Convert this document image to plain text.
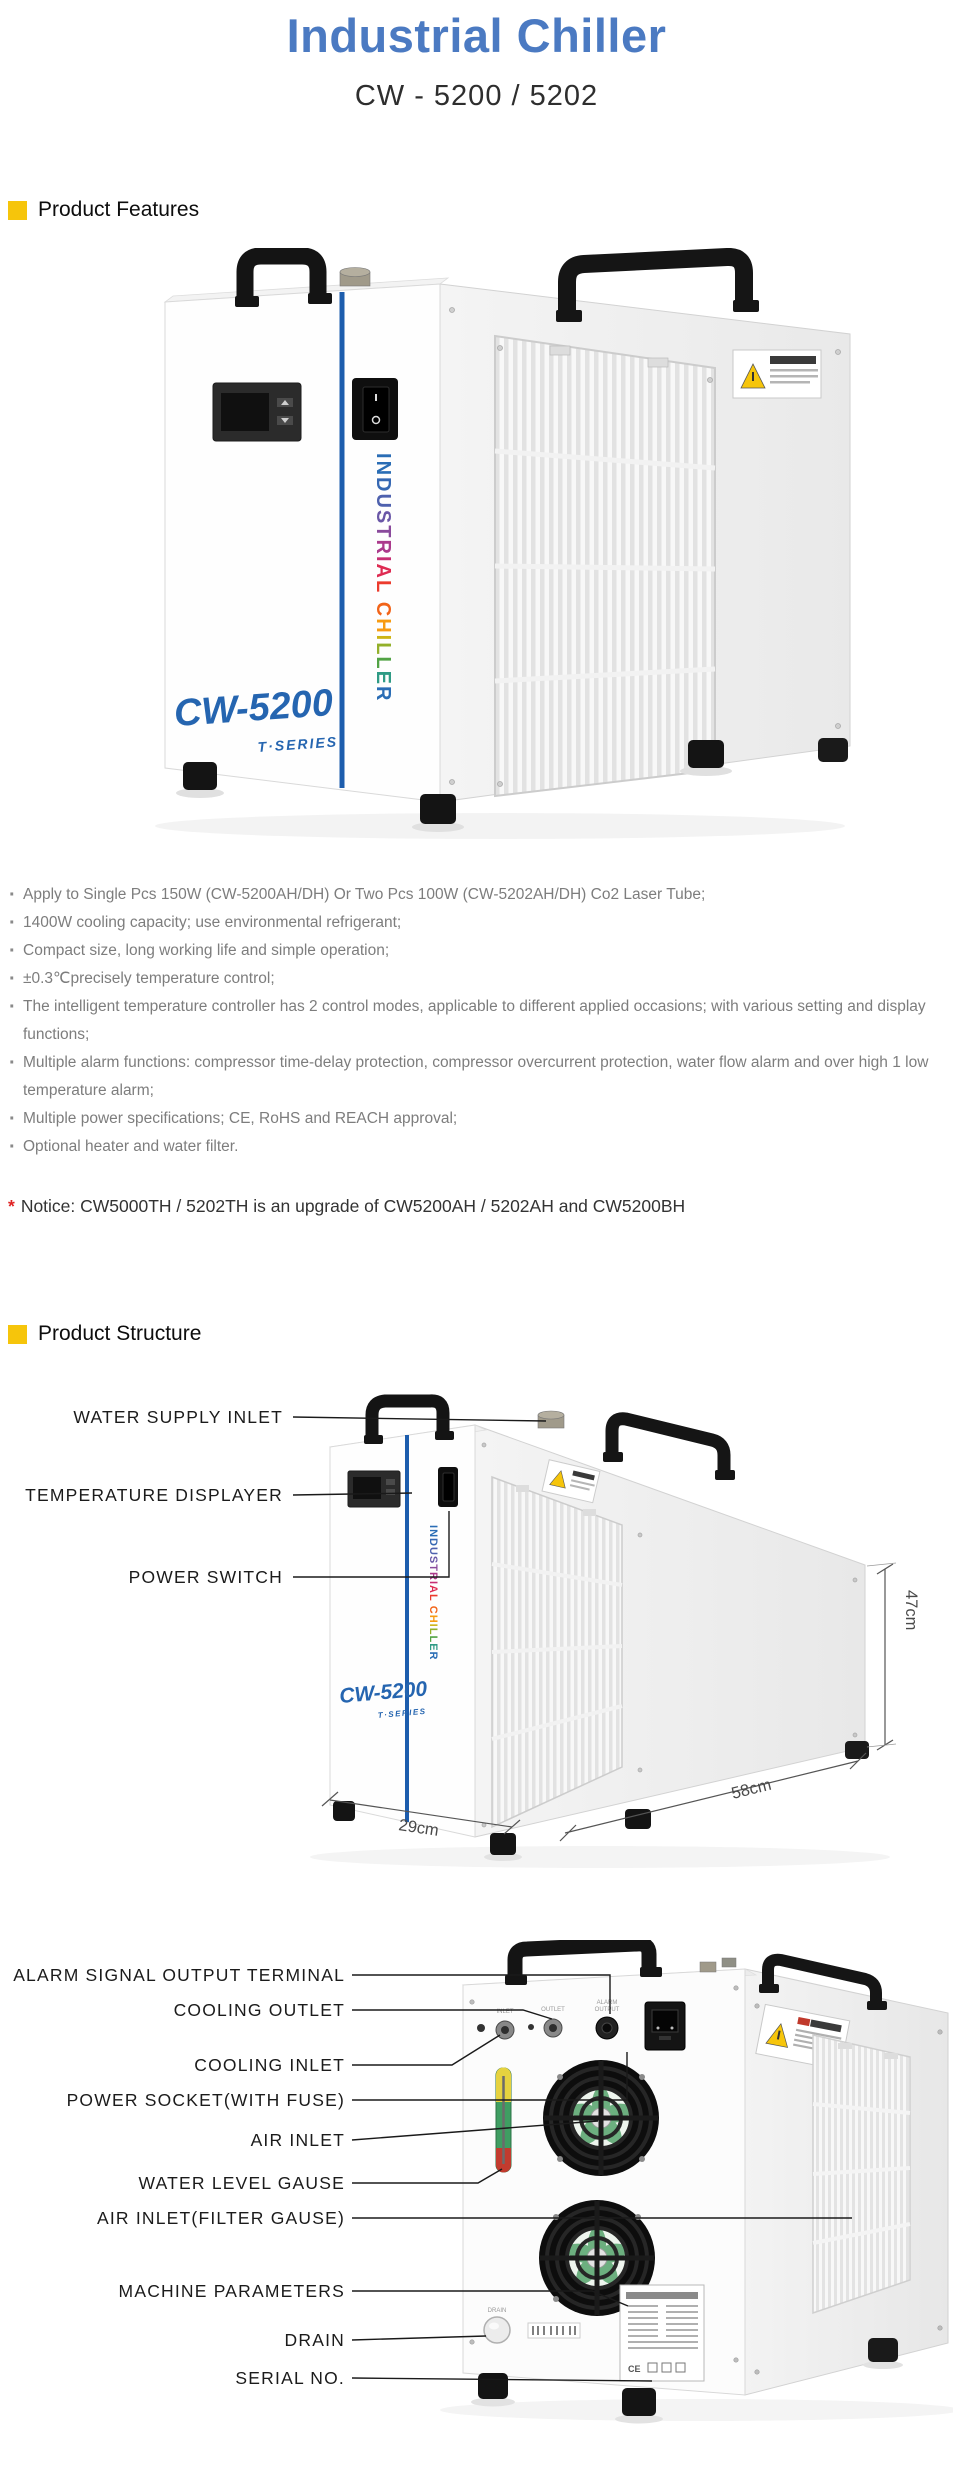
Industrial Chiller
CW - 5200 / 5202
Product Features
INDUSTRIAL CHILLER
CW-5200
T·SERIES
· Apply to Single Pcs 150W (CW-5200AH/DH) Or Two Pcs 100W (CW-5202AH/DH) Co2 Laser Tube;
· 1400W cooling capacity; use environmental refrigerant;
· Compact size, long working life and simple operation;
· ±0.3℃precisely temperature control;
· The intelligent temperature controller has 2 control modes, applicable to different applied occasions; with various setting and display functions;
· Multiple alarm functions: compressor time-delay protection, compressor overcurrent protection, water flow alarm and over high 1 low temperature alarm;
· Multiple power specifications; CE, RoHS and REACH approval;
· Optional heater and water filter.
* Notice: CW5000TH / 5202TH is an upgrade of CW5200AH / 5202AH and CW5200BH
Product Structure
INDUSTRIAL CHILLER
CW-5200
T·SERIES
47cm
58cm
29cm
WATER SUPPLY INLET
TEMPERATURE DISPLAYER
POWER SWITCH
INLET	OUTLET
ALARM
OUTPUT
DRAIN
CE
ALARM SIGNAL OUTPUT TERMINAL
COOLING OUTLET
COOLING INLET
POWER SOCKET(WITH FUSE)
AIR INLET
WATER LEVEL GAUSE
AIR INLET(FILTER GAUSE)
MACHINE PARAMETERS
DRAIN
SERIAL NO.
